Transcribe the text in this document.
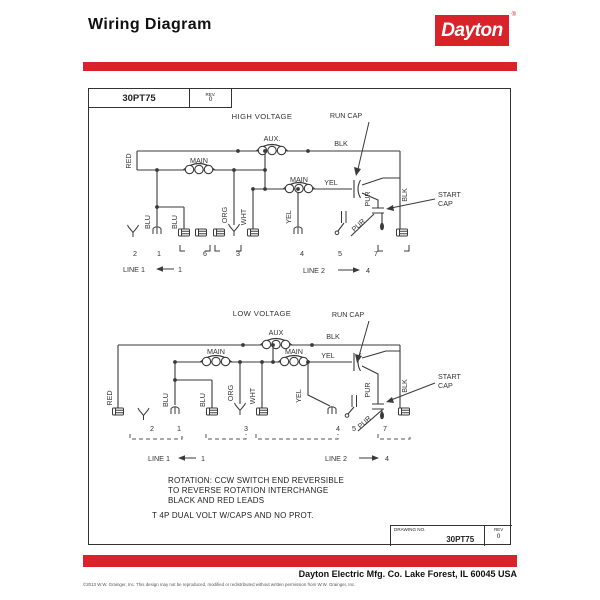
Wiring Diagram	Dayton
®
30PT75	REV.
0
HIGH VOLTAGE	RUN CAP
AUX.
BLK
MAIN
MAIN YEL
RED
BLU	BLU	ORG WHT	YEL
PUR
PUR
BLK	START
CAP
2	1	6	3	4	5	7
LINE 1	1	LINE 2	4
LOW VOLTAGE	RUN CAP
AUX	BLK
MAIN	MAIN	YEL
RED	BLU	BLU	ORG WHT	YEL	PUR
PUR
BLK
START
CAP
2	1	3	4 5	7
LINE 1	1	LINE 2	4
ROTATION: CCW SWITCH END REVERSIBLE
TO REVERSE ROTATION INTERCHANGE
BLACK AND RED LEADS
T 4P DUAL VOLT W/CAPS AND NO PROT.
DRAWING NO.
30PT75
REV
0
Dayton Electric Mfg. Co. Lake Forest, IL 60045 USA
©2013 W.W. Grainger, Inc. This design may not be reproduced, modified or redistributed without written permission from W.W. Grainger, Inc.
